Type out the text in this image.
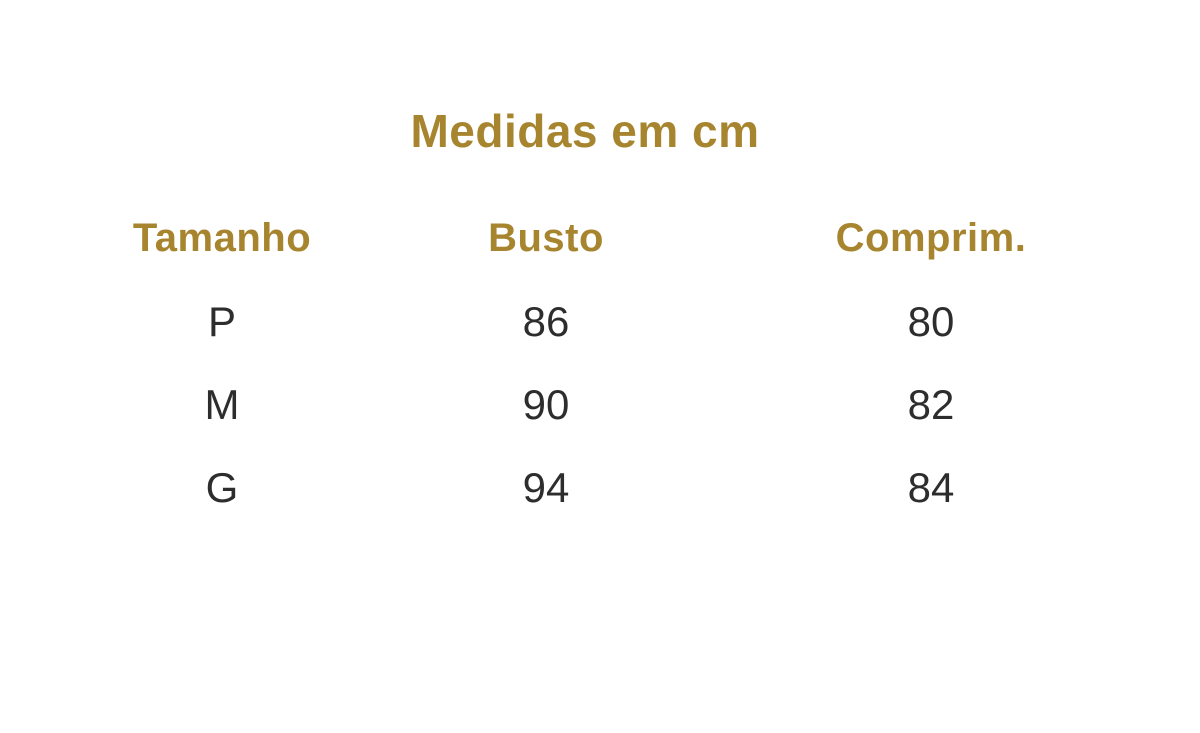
Medidas em cm
Tamanho	Busto	Comprim.
P	86	80
M	90	82
G	94	84
